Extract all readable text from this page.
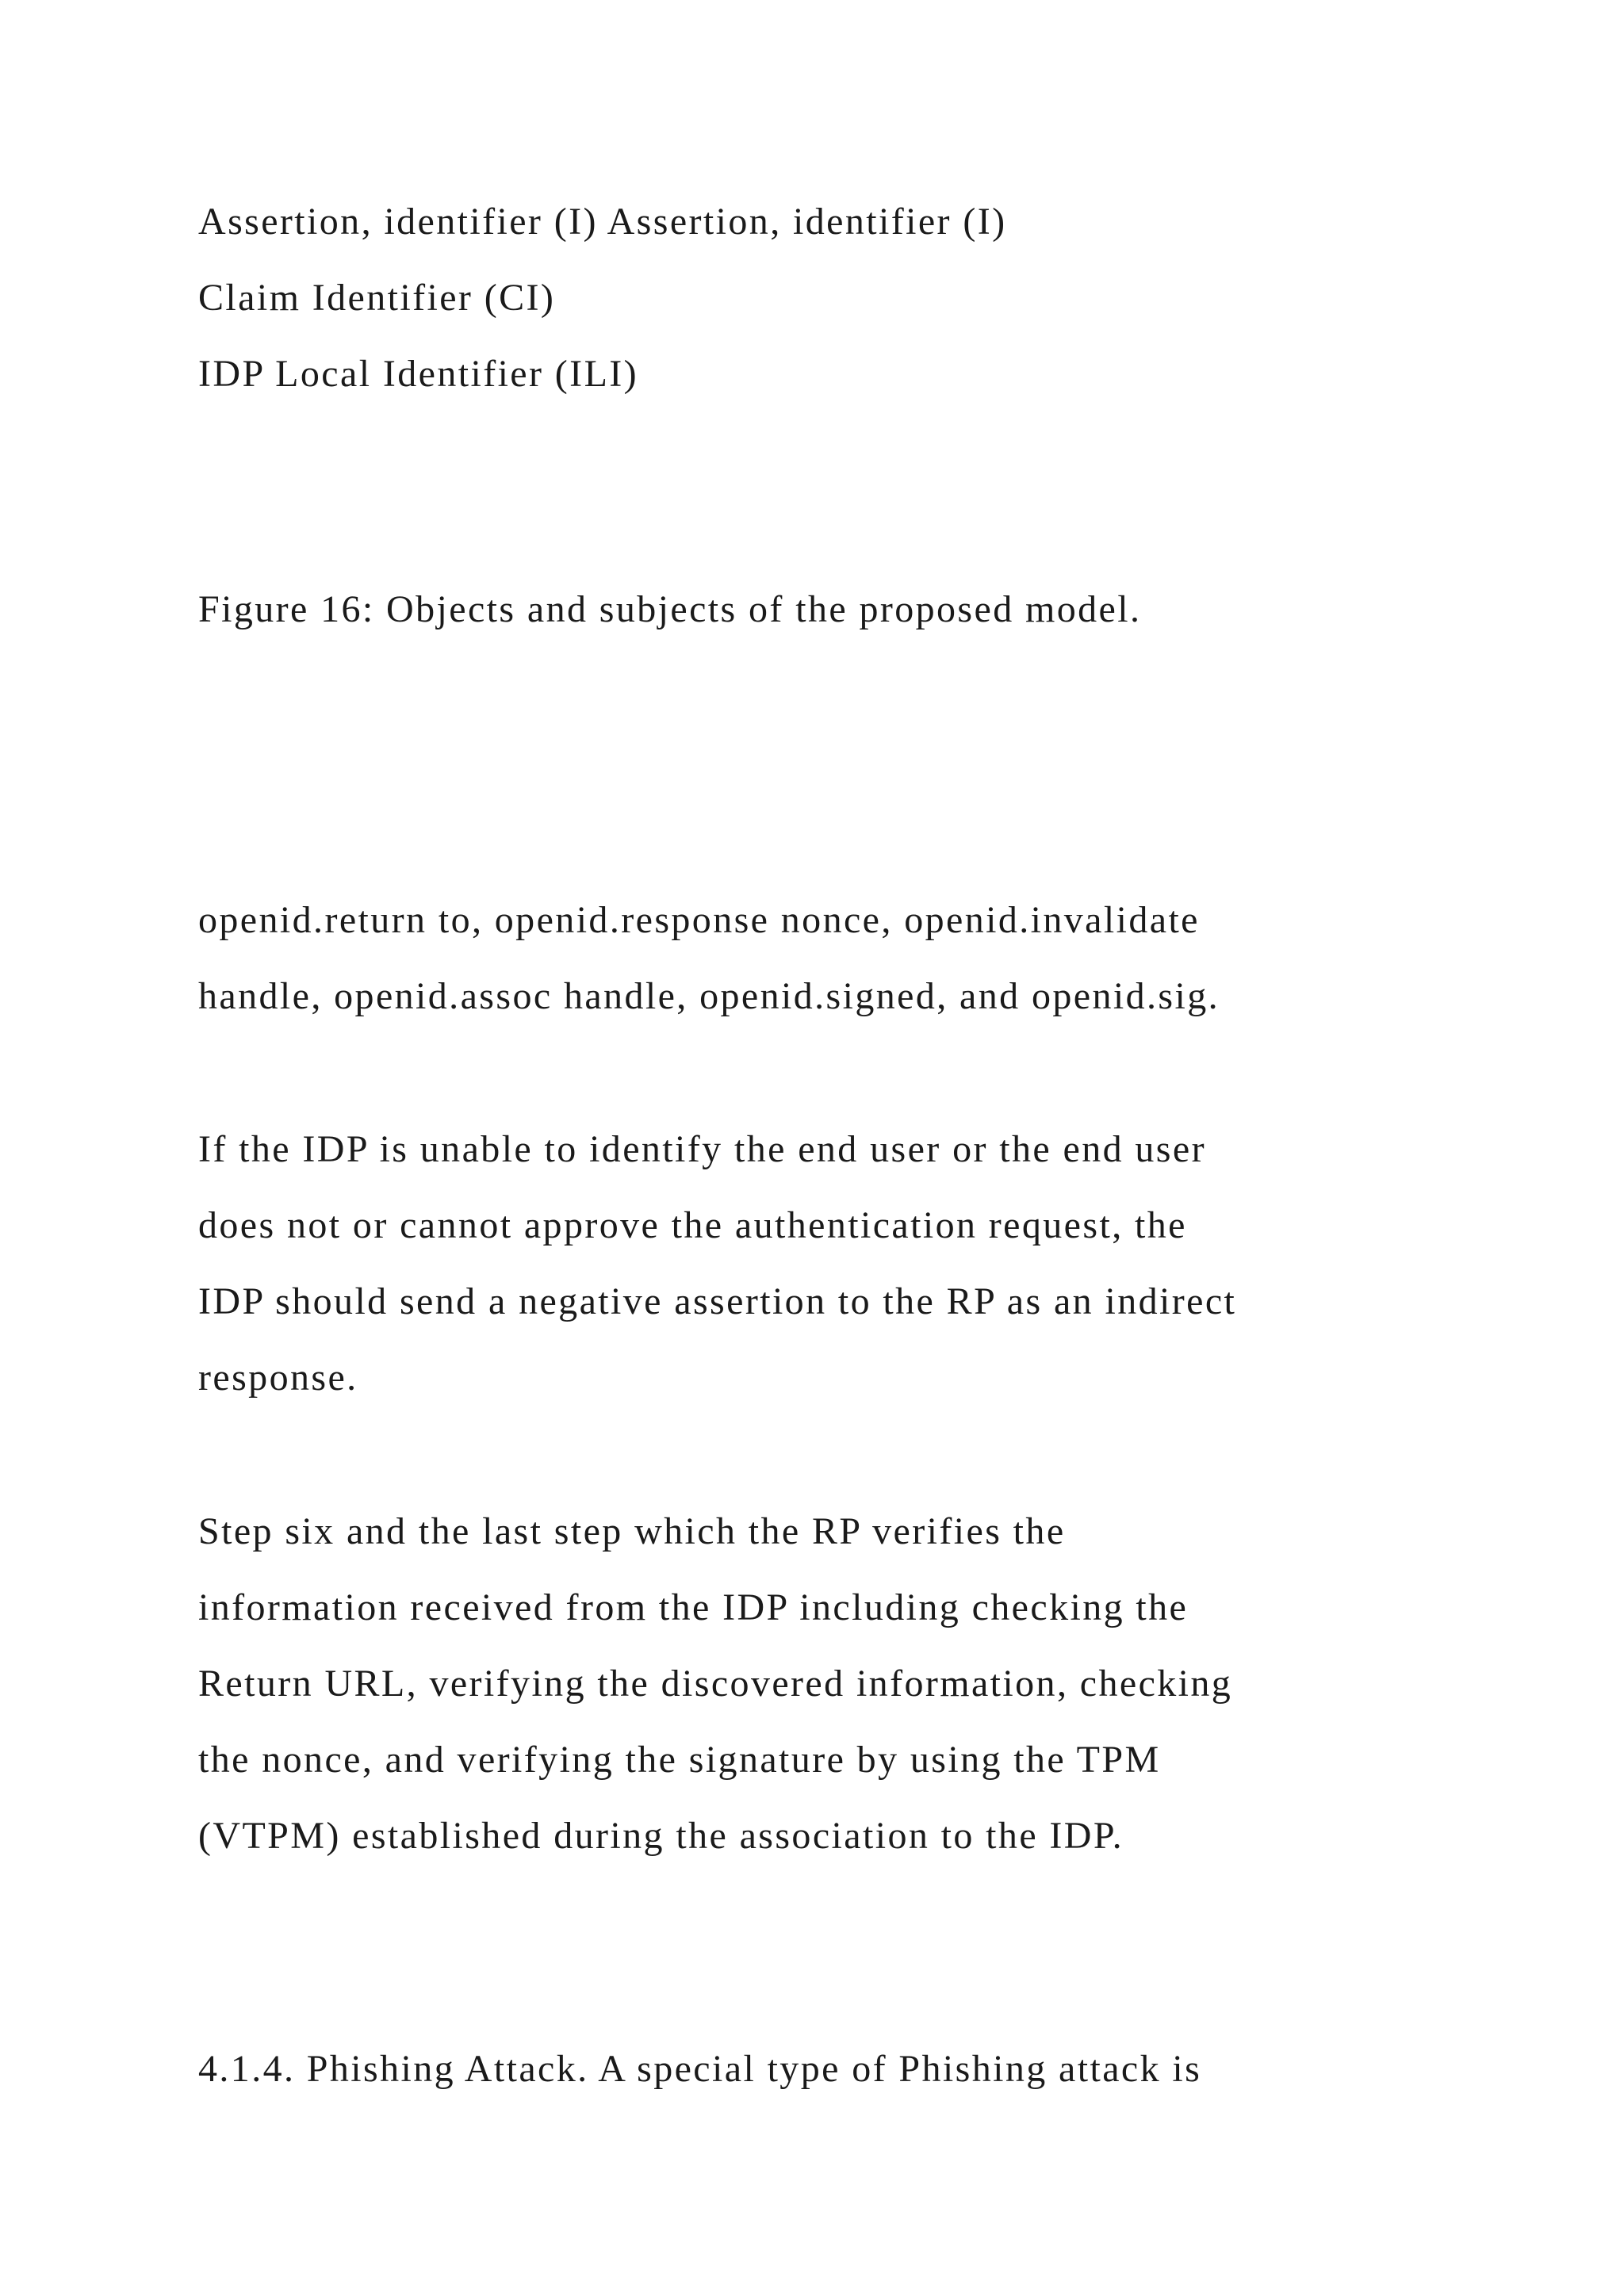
Assertion, identifier (I) Assertion, identifier (I)

Claim Identifier (CI)

IDP Local Identifier (ILI)

Figure 16: Objects and subjects of the proposed model.

openid.return to, openid.response nonce, openid.invalidate

handle, openid.assoc handle, openid.signed, and openid.sig.

If the IDP is unable to identify the end user or the end user

does not or cannot approve the authentication request, the

IDP should send a negative assertion to the RP as an indirect

response.

Step six and the last step which the RP verifies the

information received from the IDP including checking the

Return URL, verifying the discovered information, checking

the nonce, and verifying the signature by using the TPM

(VTPM) established during the association to the IDP.

4.1.4. Phishing Attack. A special type of Phishing attack is
